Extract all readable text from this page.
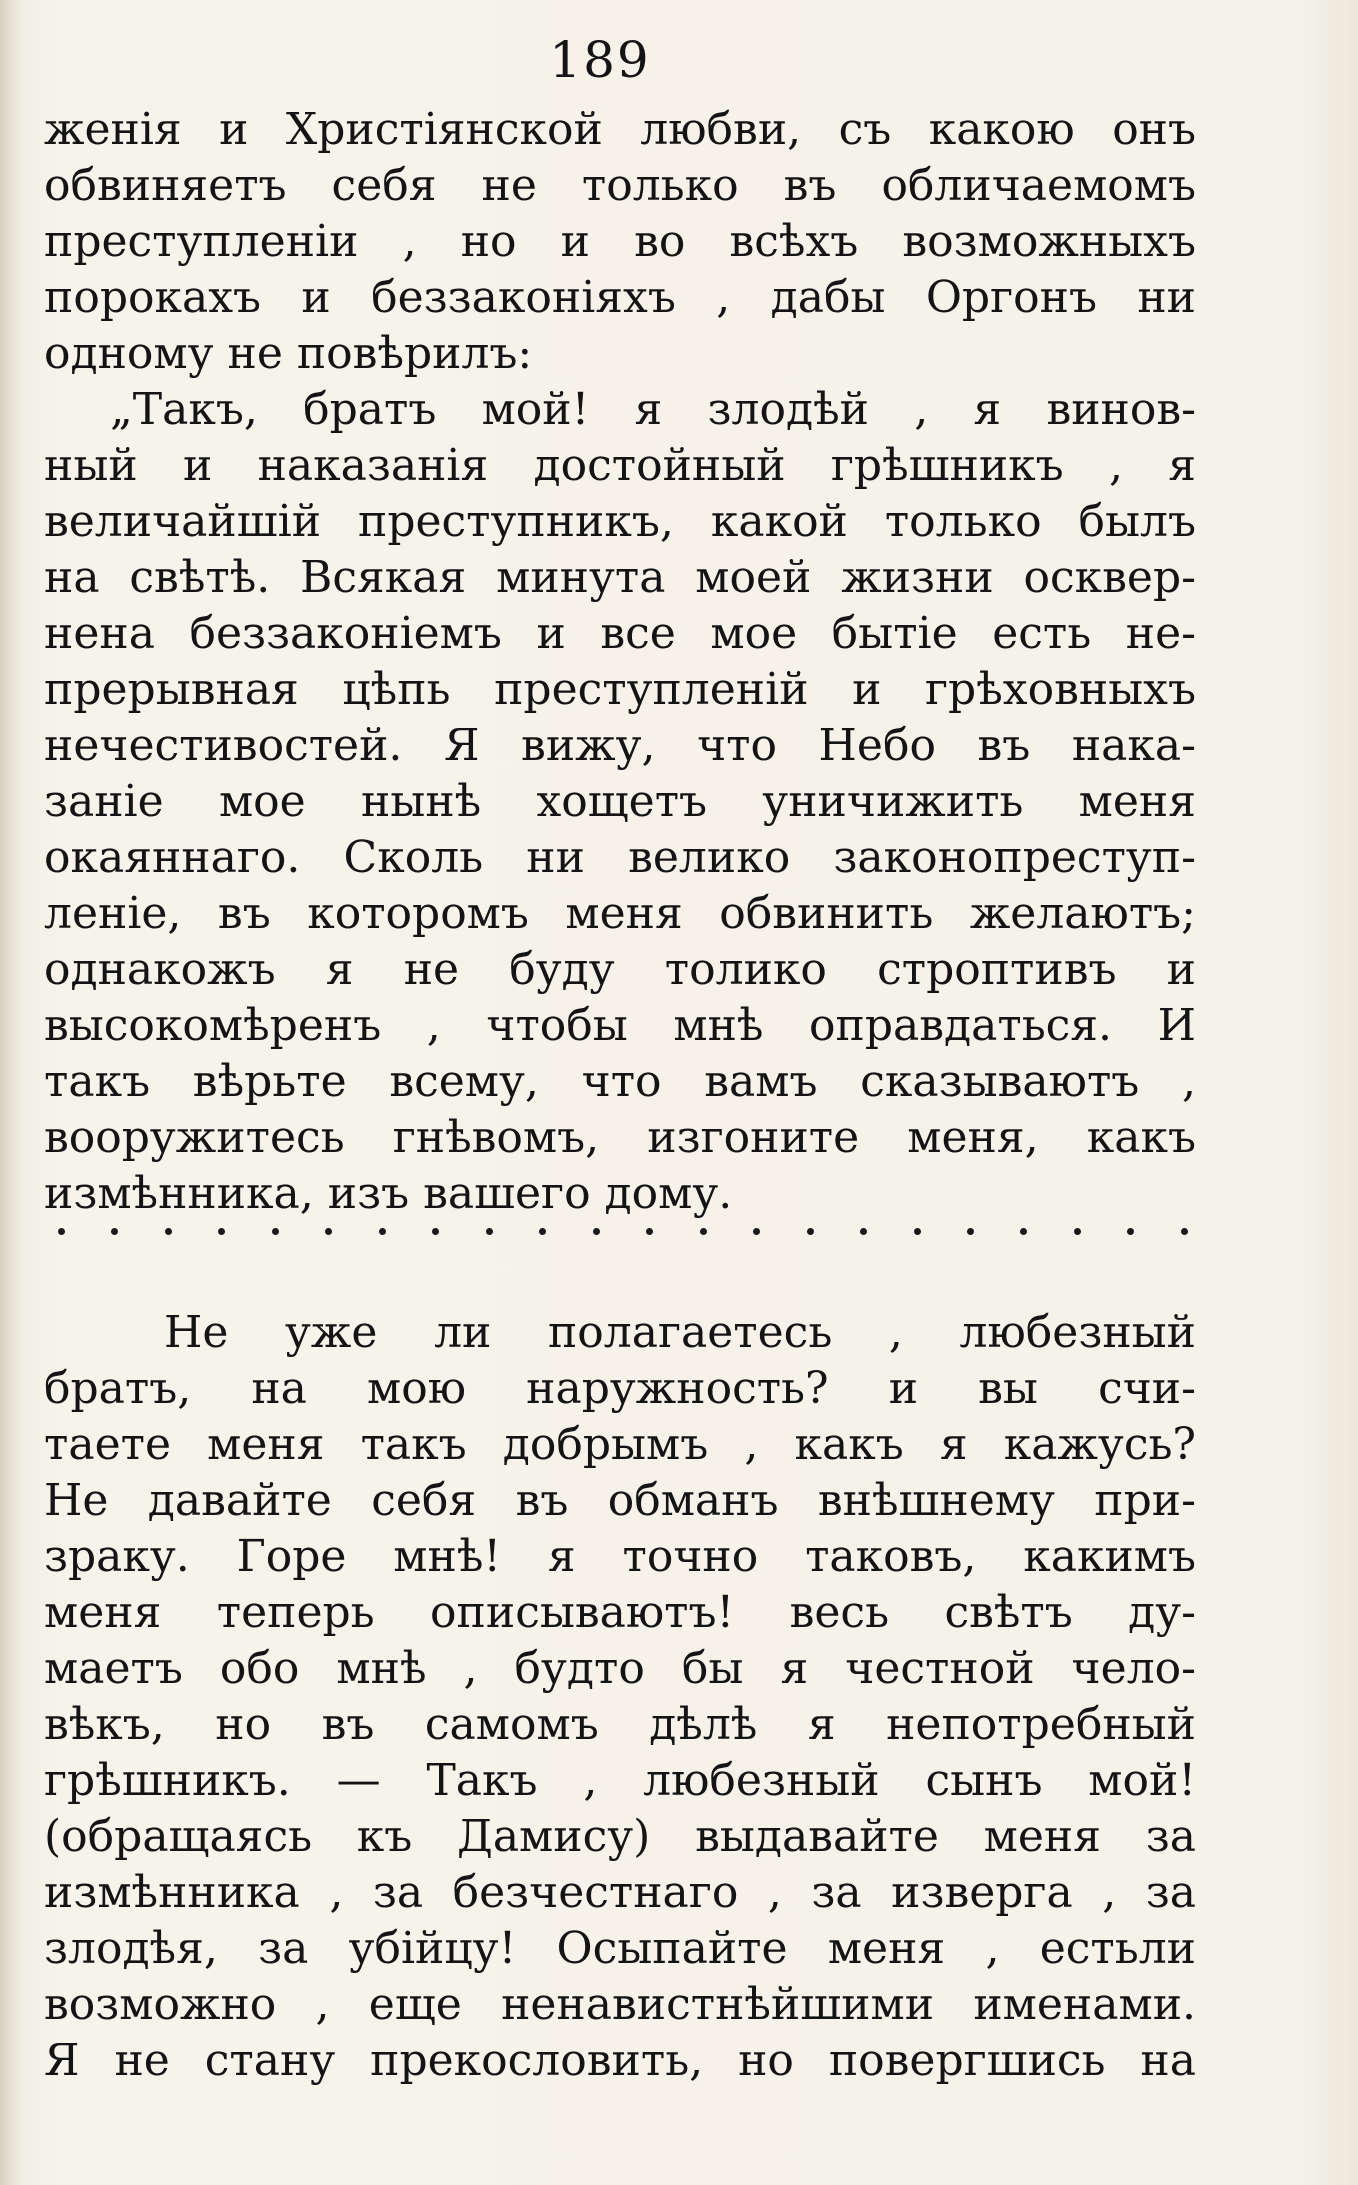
189
женія и Христіянской любви, съ какою онъ
обвиняетъ себя не только въ обличаемомъ
преступленіи , но и во всѣхъ возможныхъ
порокахъ и беззаконіяхъ , дабы Оргонъ ни
одному не повѣрилъ:
„Такъ, братъ мой! я злодѣй , я винов-
ный и наказанія достойный грѣшникъ , я
величайшій преступникъ, какой только былъ
на свѣтѣ. Всякая минута моей жизни осквер-
нена беззаконіемъ и все мое бытіе есть не-
прерывная цѣпь преступленій и грѣховныхъ
нечестивостей. Я вижу, что Небо въ нака-
заніе мое нынѣ хощетъ уничижить меня
окаяннаго. Сколь ни велико законопреступ-
леніе, въ которомъ меня обвинить желаютъ;
однакожъ я не буду толико строптивъ и
высокомѣренъ , чтобы мнѣ оправдаться. И
такъ вѣрьте всему, что вамъ сказываютъ ,
вооружитесь гнѣвомъ, изгоните меня, какъ
измѣнника, изъ вашего дому.
Не уже ли полагаетесь , любезный
братъ, на мою наружность? и вы счи-
таете меня такъ добрымъ , какъ я кажусь?
Не давайте себя въ обманъ внѣшнему при-
зраку. Горе мнѣ! я точно таковъ, какимъ
меня теперь описываютъ! весь свѣтъ ду-
маетъ обо мнѣ , будто бы я честной чело-
вѣкъ, но въ самомъ дѣлѣ я непотребный
грѣшникъ. — Такъ , любезный сынъ мой!
(обращаясь къ Дамису) выдавайте меня за
измѣнника , за безчестнаго , за изверга , за
злодѣя, за убійцу! Осыпайте меня , естьли
возможно , еще ненавистнѣйшими именами.
Я не стану прекословить, но повергшись на
